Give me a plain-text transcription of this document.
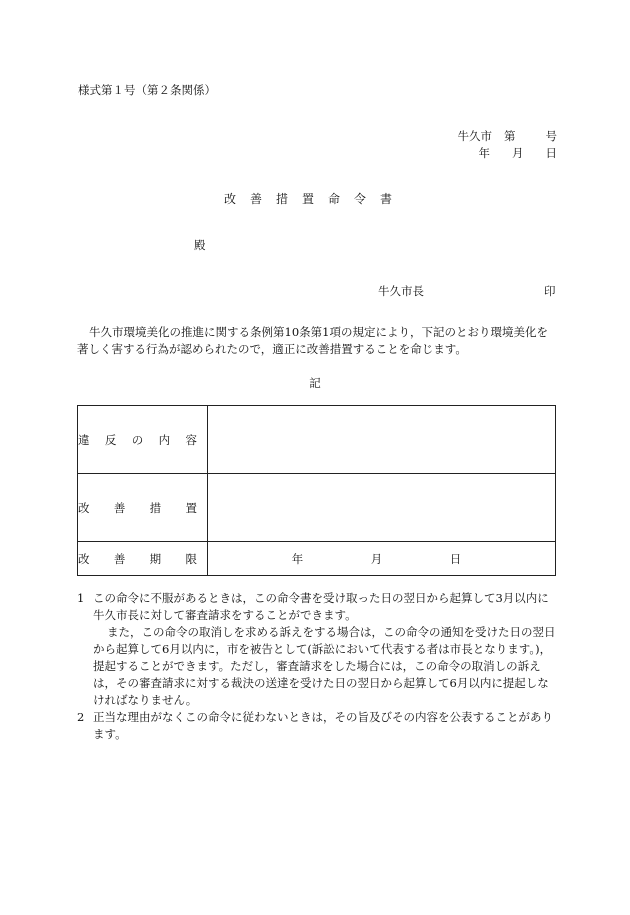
様式第１号（第２条関係）
牛久市 第	号
年 月 日
改善措置命令書
殿
牛久市長	印
牛久市環境美化の推進に関する条例第10条第1項の規定により，下記のとおり環境美化を著しく害する行為が認められたので，適正に改善措置することを命じます。
記
違 反 の 内 容	

改 善 措 置	

改 善 期 限	年 月 日
1 この命令に不服があるときは，この命令書を受け取った日の翌日から起算して3月以内に牛久市長に対して審査請求をすることができます。

また，この命令の取消しを求める訴えをする場合は，この命令の通知を受けた日の翌日から起算して6月以内に，市を被告として(訴訟において代表する者は市長となります。)，提起することができます。ただし，審査請求をした場合には，この命令の取消しの訴えは，その審査請求に対する裁決の送達を受けた日の翌日から起算して6月以内に提起しなければなりません。

2 正当な理由がなくこの命令に従わないときは，その旨及びその内容を公表することがあります。
